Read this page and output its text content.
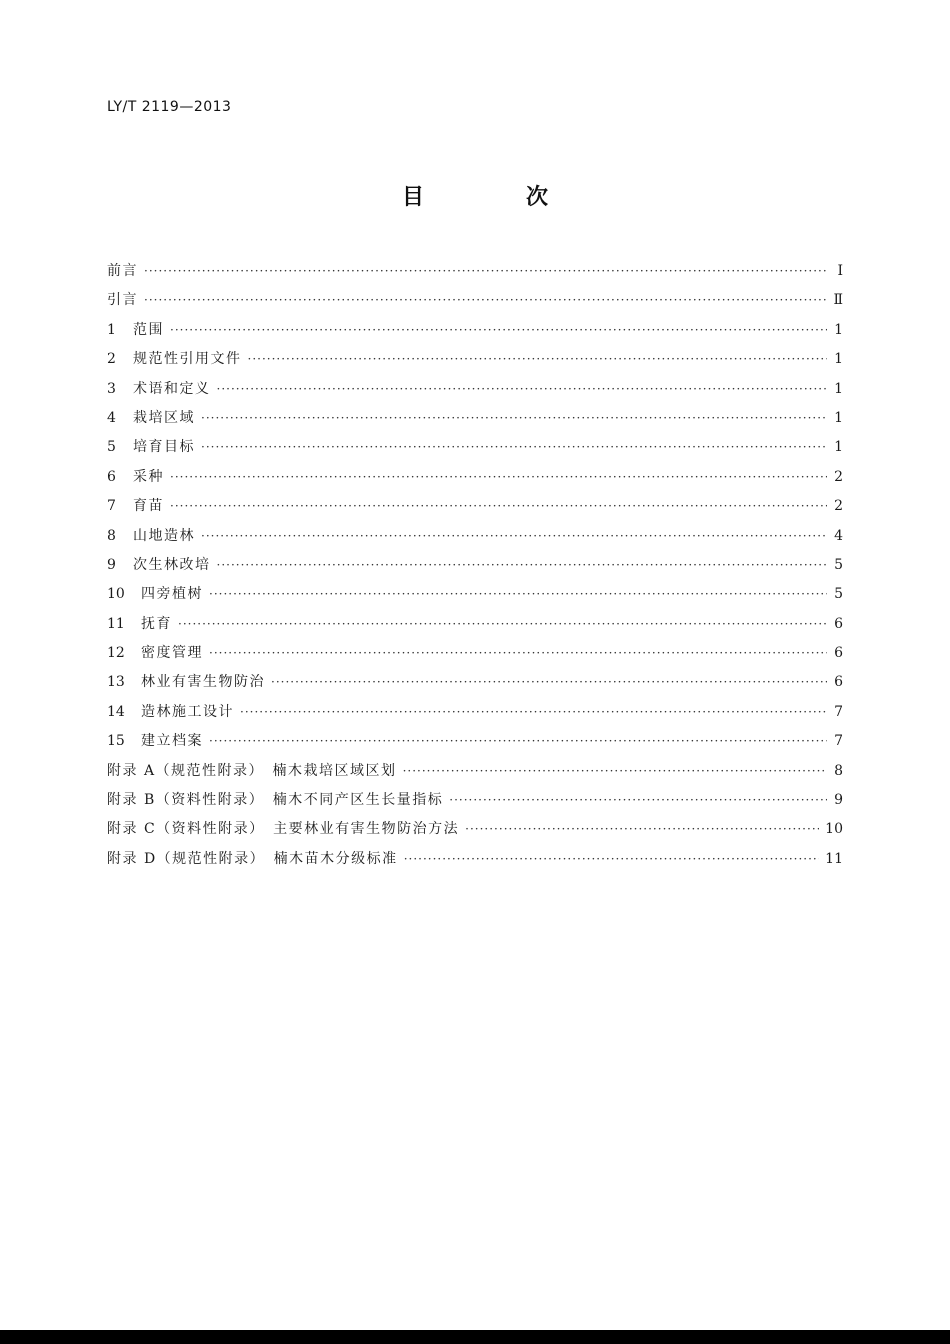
LY/T 2119—2013
目　次
前言 ·····	Ⅰ
引言 ·····	Ⅱ
1	范围 ·····	1
2	规范性引用文件 ·····	1
3	术语和定义 ·····	1
4	栽培区域 ·····	1
5	培育目标 ·····	1
6	采种 ·····	2
7	育苗 ·····	2
8	山地造林 ·····	4
9	次生林改培 ·····	5
10	四旁植树 ·····	5
11	抚育 ·····	6
12	密度管理 ·····	6
13	林业有害生物防治 ·····	6
14	造林施工设计 ·····	7
15	建立档案 ·····	7
附录 A（规范性附录）　楠木栽培区域区划 ·····	8
附录 B（资料性附录）　楠木不同产区生长量指标 ·····	9
附录 C（资料性附录）　主要林业有害生物防治方法 ·····	10
附录 D（规范性附录）　楠木苗木分级标准 ·····	11
